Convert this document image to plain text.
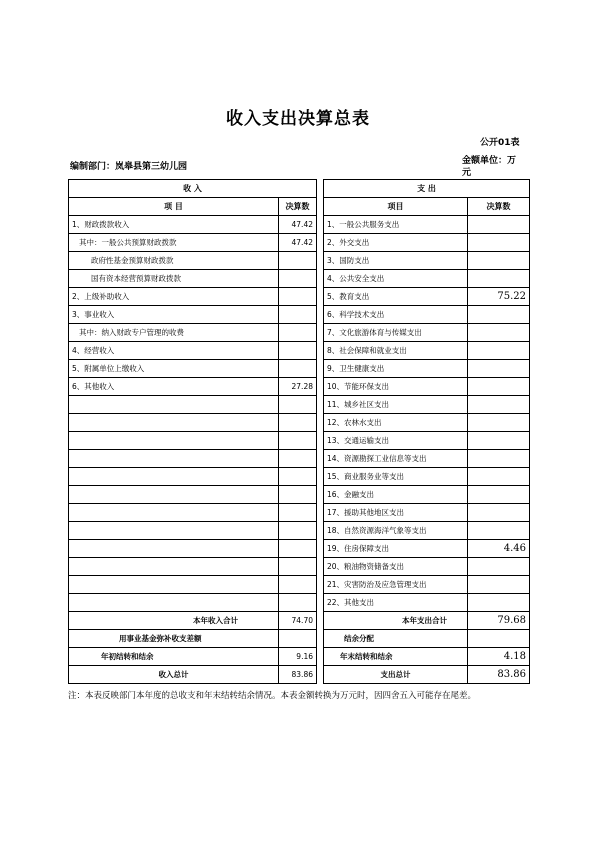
收入支出决算总表
公开01表
编制部门：岚皋县第三幼儿园
金额单位：万元
收 入			支 出	
项 目	决算数		项目	决算数
1、财政拨款收入	47.42		1、一般公共服务支出	
其中：一般公共预算财政拨款	47.42		2、外交支出	
政府性基金预算财政拨款			3、国防支出	
国有资本经营预算财政拨款			4、公共安全支出	
2、上级补助收入			5、教育支出	75.22
3、事业收入			6、科学技术支出	
其中：纳入财政专户管理的收费			7、文化旅游体育与传媒支出	
4、经营收入			8、社会保障和就业支出	
5、附属单位上缴收入			9、卫生健康支出	
6、其他收入	27.28		10、节能环保支出	
			11、城乡社区支出	
			12、农林水支出	
			13、交通运输支出	
			14、资源勘探工业信息等支出	
			15、商业服务业等支出	
			16、金融支出	
			17、援助其他地区支出	
			18、自然资源海洋气象等支出	
			19、住房保障支出	4.46
			20、粮油物资储备支出	
			21、灾害防治及应急管理支出	
			22、其他支出	
本年收入合计	74.70		本年支出合计	79.68
用事业基金弥补收支差额			结余分配	
年初结转和结余	9.16		年末结转和结余	4.18
收入总计	83.86		支出总计	83.86
注：本表反映部门本年度的总收支和年末结转结余情况。本表金额转换为万元时，因四舍五入可能存在尾差。
